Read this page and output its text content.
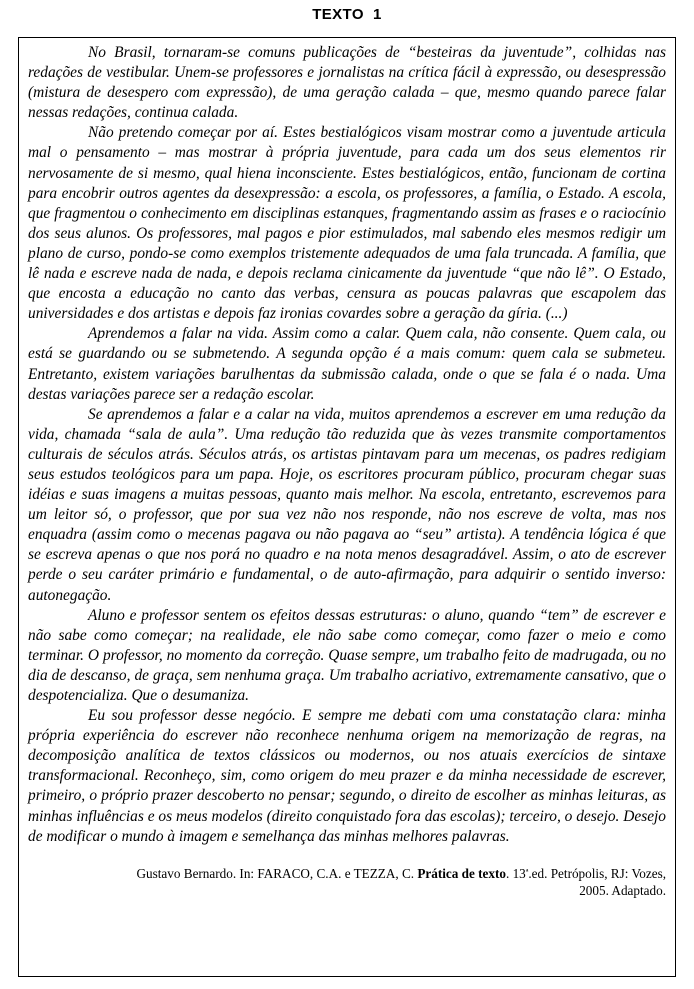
TEXTO  1

No Brasil, tornaram-se comuns publicações de “besteiras da juventude”, colhidas nas redações de vestibular. Unem-se professores e jornalistas na crítica fácil à expressão, ou desespressão (mistura de desespero com expressão), de uma geração calada – que, mesmo quando parece falar nessas redações, continua calada.

Não pretendo começar por aí. Estes bestialógicos visam mostrar como a juventude articula mal o pensamento – mas mostrar à própria juventude, para cada um dos seus elementos rir nervosamente de si mesmo, qual hiena inconsciente. Estes bestialógicos, então, funcionam de cortina para encobrir outros agentes da desexpressão: a escola, os professores, a família, o Estado. A escola, que fragmentou o conhecimento em disciplinas estanques, fragmentando assim as frases e o raciocínio dos seus alunos. Os professores, mal pagos e pior estimulados, mal sabendo eles mesmos redigir um plano de curso, pondo-se como exemplos tristemente adequados de uma fala truncada. A família, que lê nada e escreve nada de nada, e depois reclama cinicamente da juventude “que não lê”. O Estado, que encosta a educação no canto das verbas, censura as poucas palavras que escapolem das universidades e dos artistas e depois faz ironias covardes sobre a geração da gíria. (...)

Aprendemos a falar na vida. Assim como a calar. Quem cala, não consente. Quem cala, ou está se guardando ou se submetendo. A segunda opção é a mais comum: quem cala se submeteu. Entretanto, existem variações barulhentas da submissão calada, onde o que se fala é o nada. Uma destas variações parece ser a redação escolar.

Se aprendemos a falar e a calar na vida, muitos aprendemos a escrever em uma redução da vida, chamada “sala de aula”. Uma redução tão reduzida que às vezes transmite comportamentos culturais de séculos atrás. Séculos atrás, os artistas pintavam para um mecenas, os padres redigiam seus estudos teológicos para um papa. Hoje, os escritores procuram público, procuram chegar suas idéias e suas imagens a muitas pessoas, quanto mais melhor. Na escola, entretanto, escrevemos para um leitor só, o professor, que por sua vez não nos responde, não nos escreve de volta, mas nos enquadra (assim como o mecenas pagava ou não pagava ao “seu” artista). A tendência lógica é que se escreva apenas o que nos porá no quadro e na nota menos desagradável. Assim, o ato de escrever perde o seu caráter primário e fundamental, o de auto-afirmação, para adquirir o sentido inverso: autonegação.

Aluno e professor sentem os efeitos dessas estruturas: o aluno, quando “tem” de escrever e não sabe como começar; na realidade, ele não sabe como começar, como fazer o meio e como terminar. O professor, no momento da correção. Quase sempre, um trabalho feito de madrugada, ou no dia de descanso, de graça, sem nenhuma graça. Um trabalho acriativo, extremamente cansativo, que o despotencializa. Que o desumaniza.

Eu sou professor desse negócio. E sempre me debati com uma constatação clara: minha própria experiência do escrever não reconhece nenhuma origem na memorização de regras, na decomposição analítica de textos clássicos ou modernos, ou nos atuais exercícios de sintaxe transformacional. Reconheço, sim, como origem do meu prazer e da minha necessidade de escrever, primeiro, o próprio prazer descoberto no pensar; segundo, o direito de escolher as minhas leituras, as minhas influências e os meus modelos (direito conquistado fora das escolas); terceiro, o desejo. Desejo de modificar o mundo à imagem e semelhança das minhas melhores palavras.

Gustavo Bernardo. In: FARACO, C.A. e TEZZA, C. Prática de texto. $13^ª.ed$. Petrópolis, RJ: Vozes, 2005. Adaptado.
